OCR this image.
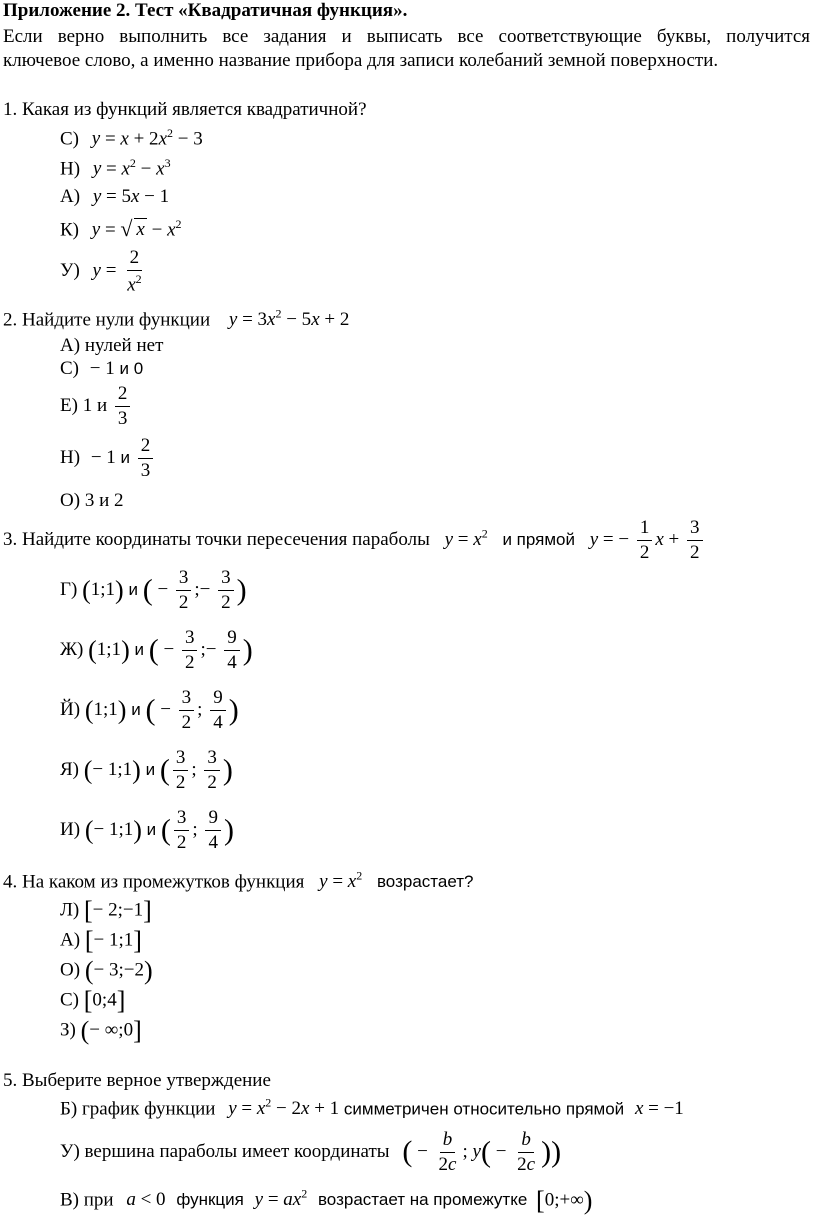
Приложение 2. Тест «Квадратичная функция».
Если верно выполнить все задания и выписать все соответствующие буквы, получится
ключевое слово, а именно название прибора для записи колебаний земной поверхности.
1. Какая из функций является квадратичной?
С) $y = x + 2x^2 - 3$
Н) $y = x^2 - x^3$
А) y = 5x − 1
К) y = √ $x - x^2$
У) $y = \frac{2}{x^2}$
2. Найдите нули функции $y = 3x^2 - 5x + 2$
А) нулей нет
С) − 1 и 0
Е) 1 и $\frac{2}{3}$
Н) − 1 и $\frac{2}{3}$
О) 3 и 2
3. Найдите координаты точки пересечения параболы $y = x^2$ и прямой y = − $\frac{1}{2}$ $x + \frac{3}{2}$
Г) (1;1) и ( − $\frac{3}{2}$ ;− $\frac{3}{2}$ )
Ж) (1;1) и ( − $\frac{3}{2}$ ;− $\frac{9}{4}$ )
Й) (1;1) и ( − $\frac{3}{2}$ ; $\frac{9}{4}$ )
Я) (− 1;1) и ( $\frac{3}{2}$ ; $\frac{3}{2}$ )
И) (− 1;1) и ( $\frac{3}{2}$ ; $\frac{9}{4}$ )
4. На каком из промежутков функция $y = x^2$ возрастает?
Л) [− 2;−1]
А) [− 1;1]
О) (− 3;−2)
С) [0;4]
З) (− ∞;0]
5. Выберите верное утверждение
Б) график функции $y = x^2 - 2x + 1$ симметричен относительно прямой x = −1
У) вершина параболы имеет координаты ( − $\frac{b}{2c}$ ; $y( - \frac{b}{2c}$ ))
В) при a < 0 функция $y = ax^2$ возрастает на промежутке [0;+∞)
